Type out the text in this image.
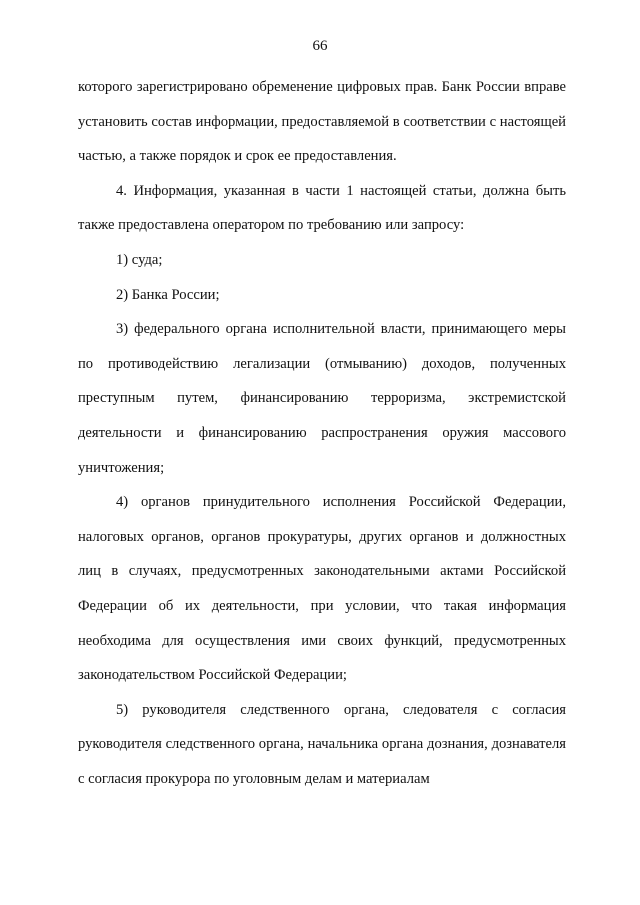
66

которого зарегистрировано обременение цифровых прав. Банк России вправе установить состав информации, предоставляемой в соответствии с настоящей частью, а также порядок и срок ее предоставления.

4. Информация, указанная в части 1 настоящей статьи, должна быть также предоставлена оператором по требованию или запросу:

1) суда;

2) Банка России;

3) федерального органа исполнительной власти, принимающего меры по противодействию легализации (отмыванию) доходов, полученных преступным путем, финансированию терроризма, экстремистской деятельности и финансированию распространения оружия массового уничтожения;

4) органов принудительного исполнения Российской Федерации, налоговых органов, органов прокуратуры, других органов и должностных лиц в случаях, предусмотренных законодательными актами Российской Федерации об их деятельности, при условии, что такая информация необходима для осуществления ими своих функций, предусмотренных законодательством Российской Федерации;

5) руководителя следственного органа, следователя с согласия руководителя следственного органа, начальника органа дознания, дознавателя с согласия прокурора по уголовным делам и материалам
